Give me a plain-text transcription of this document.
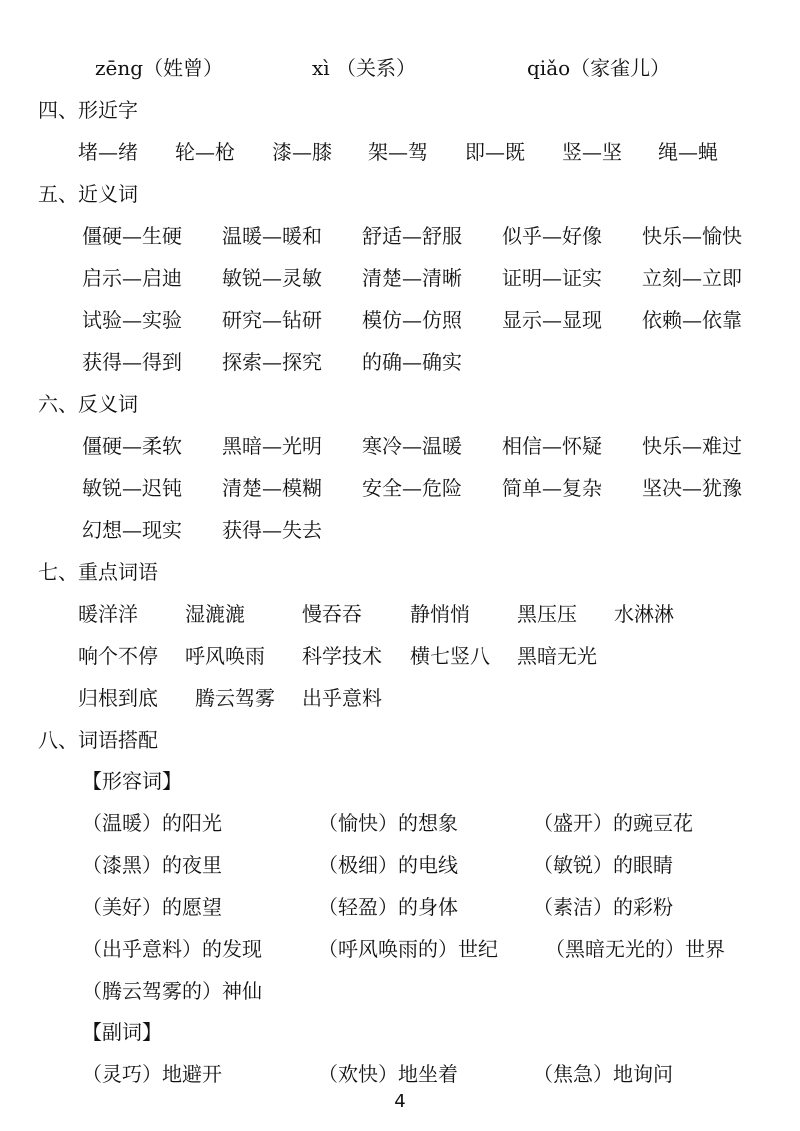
zēng（姓曾）	xì （关系）	qiǎo（家雀儿）
四、形近字
堵—绪 轮—枪 漆—膝 架—驾 即—既 竖—坚 绳—蝇
五、近义词
僵硬—生硬 温暖—暖和 舒适—舒服 似乎—好像 快乐—愉快
启示—启迪 敏锐—灵敏 清楚—清晰 证明—证实 立刻—立即
试验—实验 研究—钻研 模仿—仿照 显示—显现 依赖—依靠
获得—得到 探索—探究 的确—确实
六、反义词
僵硬—柔软 黑暗—光明 寒冷—温暖 相信—怀疑 快乐—难过
敏锐—迟钝 清楚—模糊 安全—危险 简单—复杂 坚决—犹豫
幻想—现实 获得—失去
七、重点词语
暖洋洋 湿漉漉	慢吞吞 静悄悄 黑压压 水淋淋
响个不停 呼风唤雨 科学技术 横七竖八 黑暗无光
归根到底 腾云驾雾 出乎意料
八、词语搭配
【形容词】
（温暖）的阳光	（愉快）的想象	（盛开）的豌豆花
（漆黑）的夜里	（极细）的电线	（敏锐）的眼睛
（美好）的愿望	（轻盈）的身体	（素洁）的彩粉
（出乎意料）的发现	（呼风唤雨的）世纪 （黑暗无光的）世界
（腾云驾雾的）神仙
【副词】
（灵巧）地避开	（欢快）地坐着	（焦急）地询问
4
